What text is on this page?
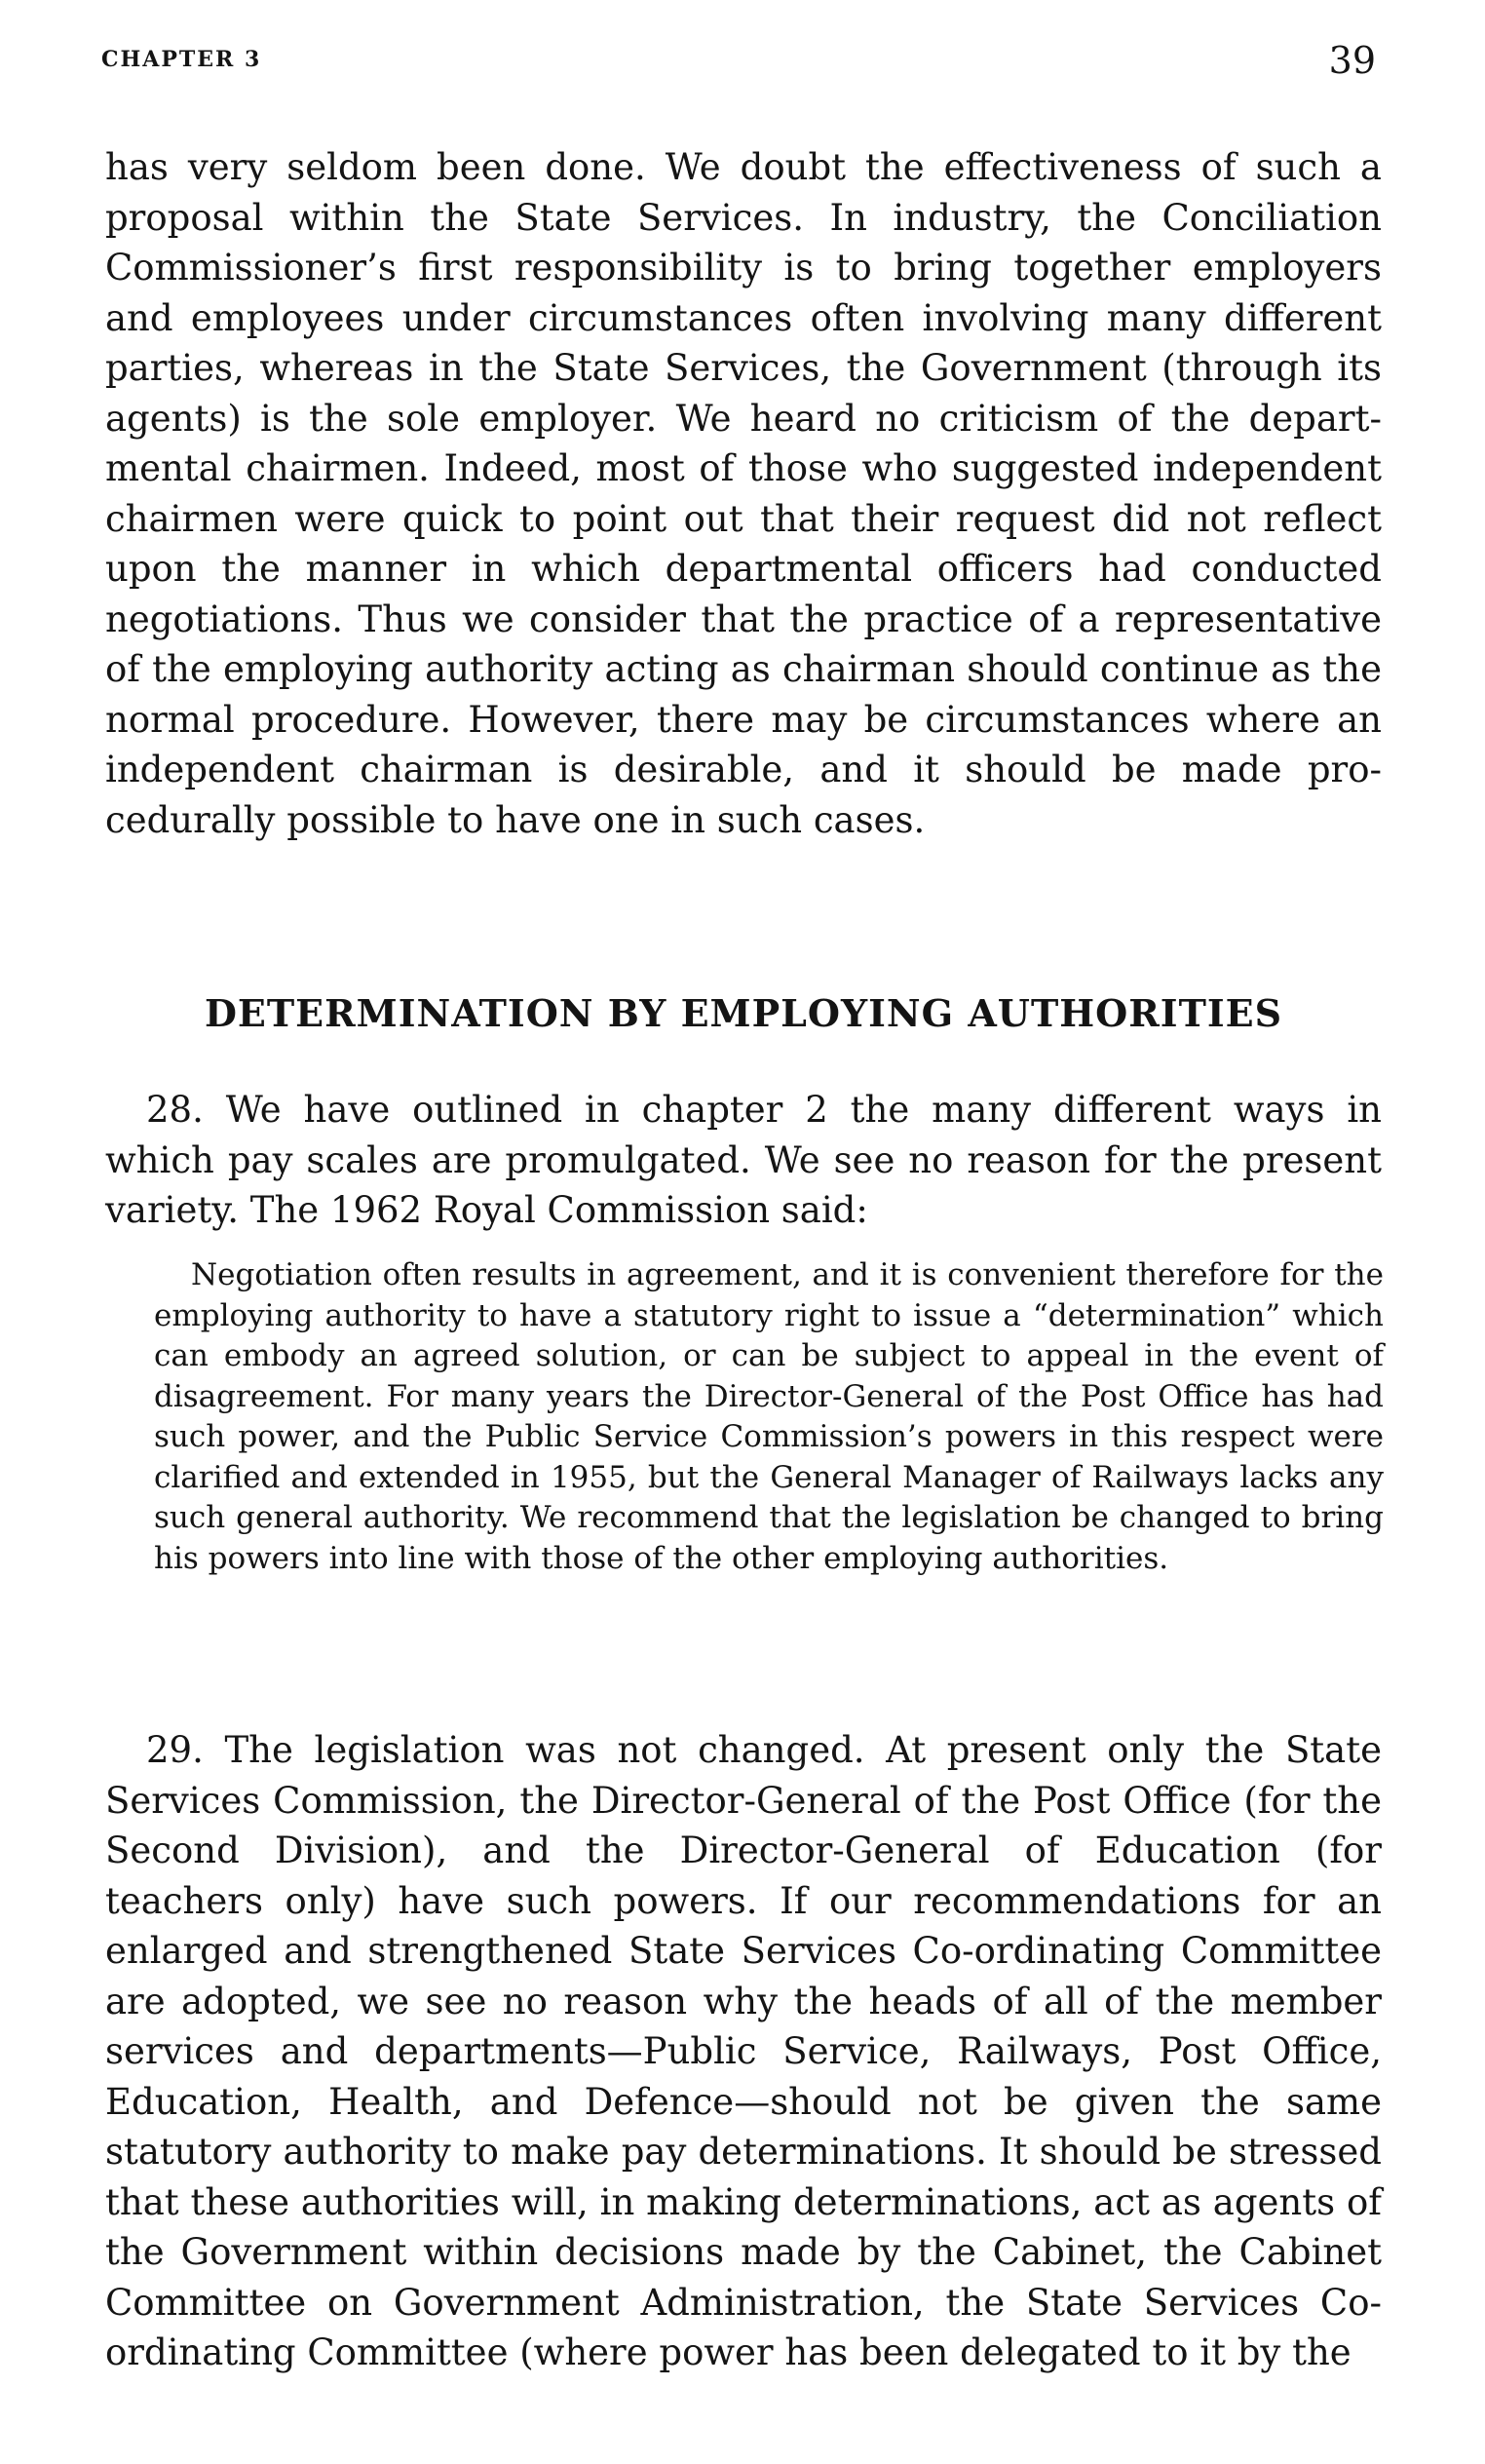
CHAPTER 3	39

has very seldom been done. We doubt the effectiveness of such a proposal within the State Services. In industry, the Conciliation Commissioner’s first responsibility is to bring together employers and employees under circumstances often involving many different parties, whereas in the State Services, the Government (through its agents) is the sole employer. We heard no criticism of the departmental chairmen. Indeed, most of those who suggested independent chairmen were quick to point out that their request did not reflect upon the manner in which departmental officers had conducted negotiations. Thus we consider that the practice of a representative of the employing authority acting as chairman should continue as the normal procedure. However, there may be circumstances where an independent chairman is desirable, and it should be made procedurally possible to have one in such cases.

DETERMINATION BY EMPLOYING AUTHORITIES

28. We have outlined in chapter 2 the many different ways in which pay scales are promulgated. We see no reason for the present variety. The 1962 Royal Commission said:

Negotiation often results in agreement, and it is convenient therefore for the employing authority to have a statutory right to issue a “determination” which can embody an agreed solution, or can be subject to appeal in the event of disagreement. For many years the Director-General of the Post Office has had such power, and the Public Service Commission’s powers in this respect were clarified and extended in 1955, but the General Manager of Railways lacks any such general authority. We recommend that the legislation be changed to bring his powers into line with those of the other employing authorities.

29. The legislation was not changed. At present only the State Services Commission, the Director-General of the Post Office (for the Second Division), and the Director-General of Education (for teachers only) have such powers. If our recommendations for an enlarged and strengthened State Services Co-ordinating Committee are adopted, we see no reason why the heads of all of the member services and departments—Public Service, Railways, Post Office, Education, Health, and Defence—should not be given the same statutory authority to make pay determinations. It should be stressed that these authorities will, in making determinations, act as agents of the Government within decisions made by the Cabinet, the Cabinet Committee on Government Administration, the State Services Coordinating Committee (where power has been delegated to it by the
